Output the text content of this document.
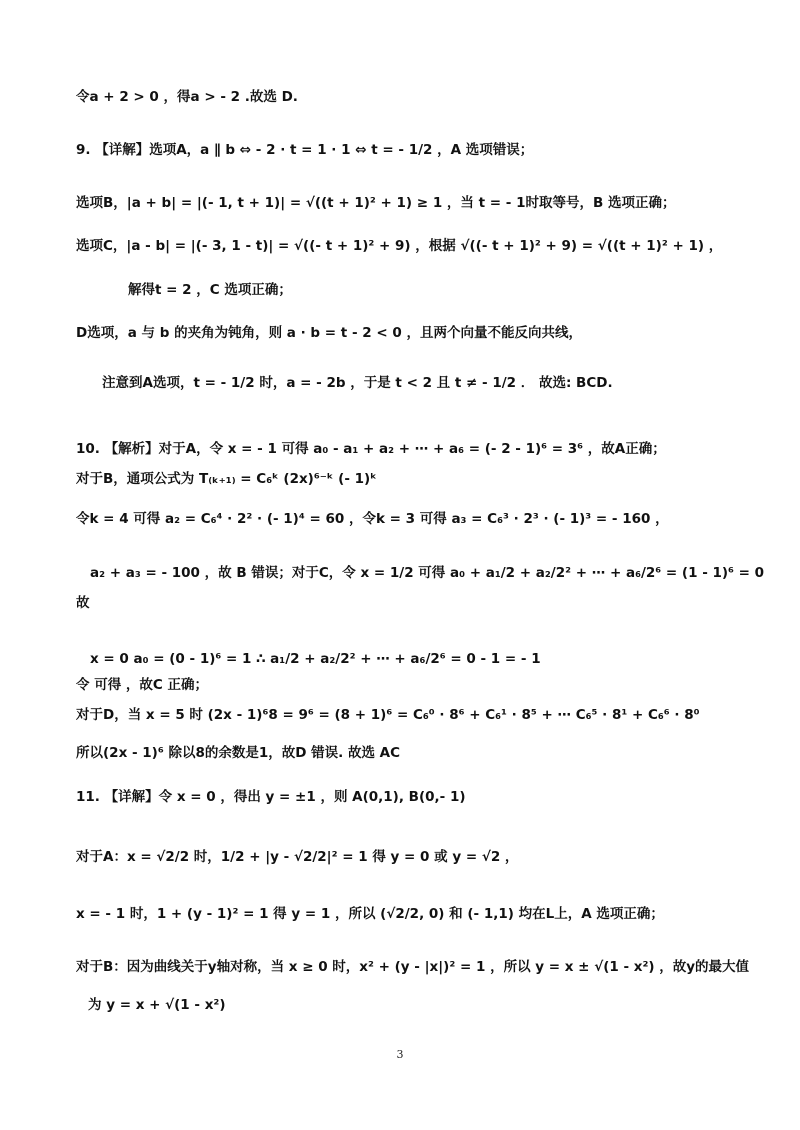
令a + 2 > 0 ，得a > - 2 .故选 D.
9. 【详解】选项A，a ∥ b ⇔ - 2 · t = 1 · 1 ⇔ t = - 1/2 ，A 选项错误；
选项B，|a + b| = |(- 1, t + 1)| = √((t + 1)² + 1) ≥ 1 ，当 t = - 1时取等号，B 选项正确；
选项C，|a - b| = |(- 3, 1 - t)| = √((- t + 1)² + 9) ，根据 √((- t + 1)² + 9) = √((t + 1)² + 1) ，
解得t = 2 ，C 选项正确；
D选项，a 与 b 的夹角为钝角，则 a · b = t - 2 < 0 ，且两个向量不能反向共线，
注意到A选项，t = - 1/2 时，a = - 2b ，于是 t < 2 且 t ≠ - 1/2 ． 故选: BCD.
10. 【解析】对于A，令 x = - 1 可得 a₀ - a₁ + a₂ + ⋯ + a₆ = (- 2 - 1)⁶ = 3⁶ ，故A正确；
对于B，通项公式为 T₍ₖ₊₁₎ = C₆ᵏ (2x)⁶⁻ᵏ (- 1)ᵏ
令k = 4 可得 a₂ = C₆⁴ · 2² · (- 1)⁴ = 60 ，令k = 3 可得 a₃ = C₆³ · 2³ · (- 1)³ = - 160 ，
a₂ + a₃ = - 100 ，故 B 错误；对于C，令 x = 1/2 可得 a₀ + a₁/2 + a₂/2² + ⋯ + a₆/2⁶ = (1 - 1)⁶ = 0
故
x = 0 a₀ = (0 - 1)⁶ = 1 ∴ a₁/2 + a₂/2² + ⋯ + a₆/2⁶ = 0 - 1 = - 1
令 可得 ，故C 正确；
对于D，当 x = 5 时 (2x - 1)⁶8 = 9⁶ = (8 + 1)⁶ = C₆⁰ · 8⁶ + C₆¹ · 8⁵ + ⋯ C₆⁵ · 8¹ + C₆⁶ · 8⁰
所以(2x - 1)⁶ 除以8的余数是1，故D 错误. 故选 AC
11. 【详解】令 x = 0 ，得出 y = ±1 ，则 A(0,1), B(0,- 1)
对于A：x = √2/2 时，1/2 + |y - √2/2|² = 1 得 y = 0 或 y = √2 ，
x = - 1 时，1 + (y - 1)² = 1 得 y = 1 ，所以 (√2/2, 0) 和 (- 1,1) 均在L上，A 选项正确；
对于B：因为曲线关于y轴对称，当 x ≥ 0 时，x² + (y - |x|)² = 1 ，所以 y = x ± √(1 - x²) ，故y的最大值
为 y = x + √(1 - x²)
3
